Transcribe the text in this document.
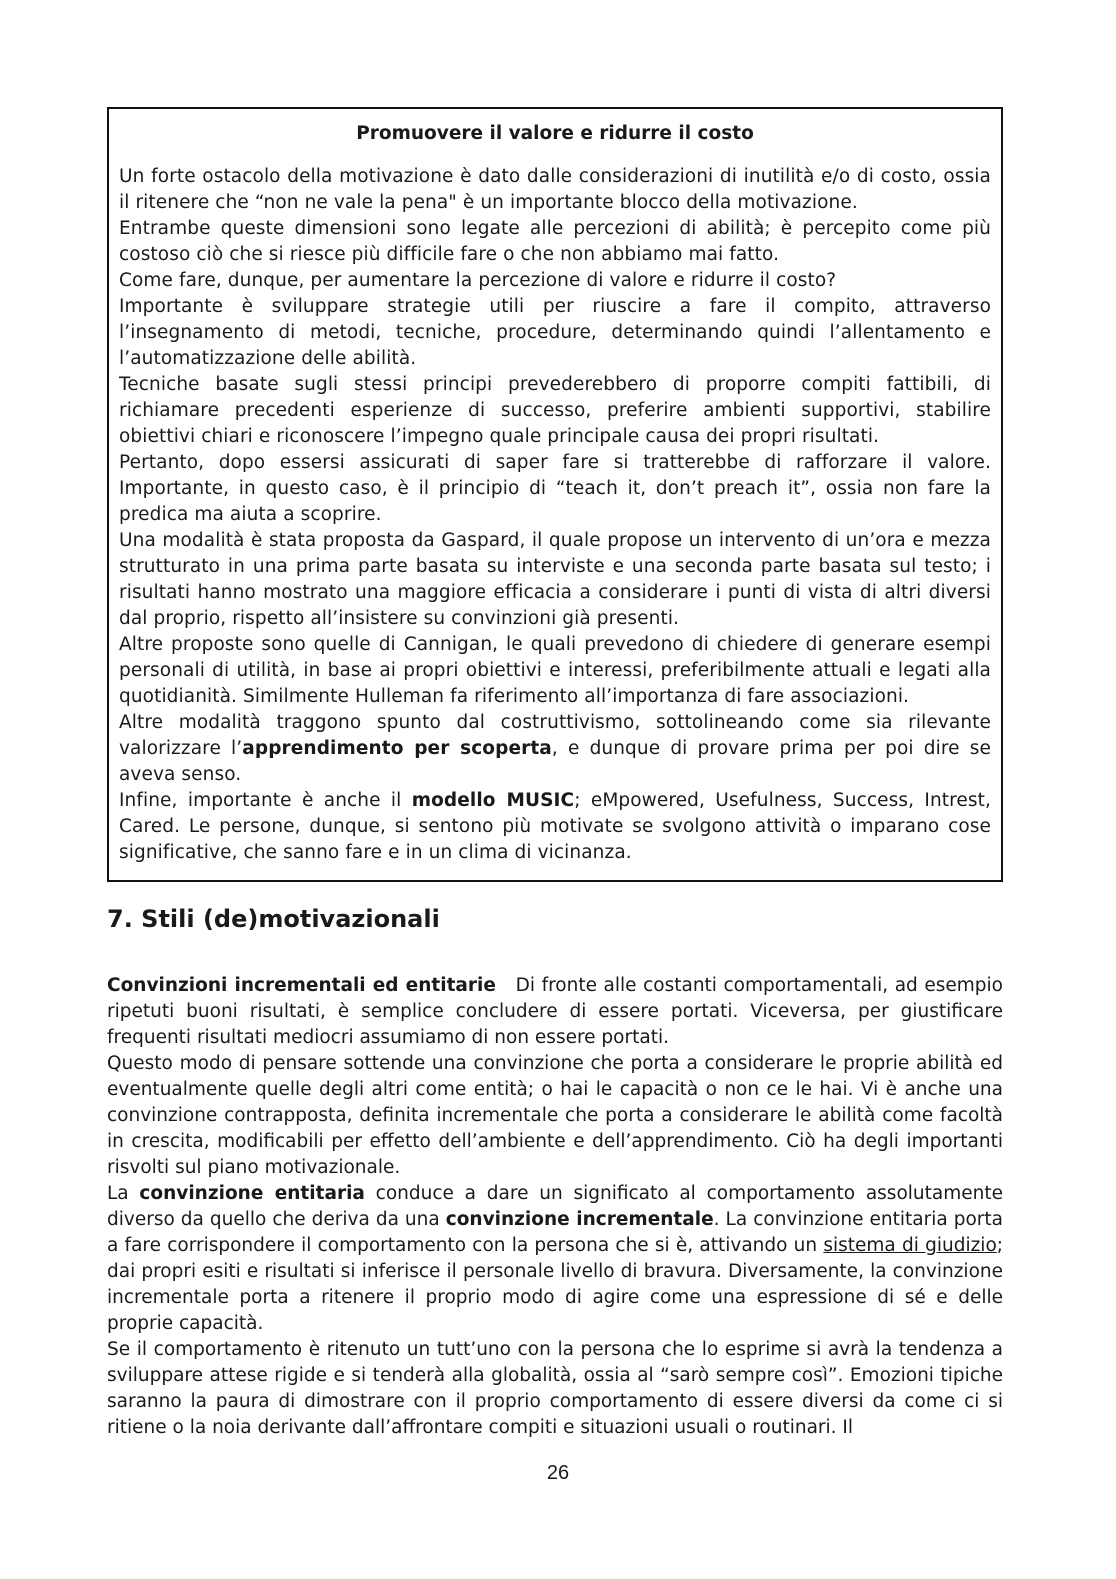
Promuovere il valore e ridurre il costo

Un forte ostacolo della motivazione è dato dalle considerazioni di inutilità e/o di costo, ossia il ritenere che “non ne vale la pena" è un importante blocco della motivazione.

Entrambe queste dimensioni sono legate alle percezioni di abilità; è percepito come più costoso ciò che si riesce più difficile fare o che non abbiamo mai fatto.

Come fare, dunque, per aumentare la percezione di valore e ridurre il costo?

Importante è sviluppare strategie utili per riuscire a fare il compito, attraverso l’insegnamento di metodi, tecniche, procedure, determinando quindi l’allentamento e l’automatizzazione delle abilità.

Tecniche basate sugli stessi principi prevederebbero di proporre compiti fattibili, di richiamare precedenti esperienze di successo, preferire ambienti supportivi, stabilire obiettivi chiari e riconoscere l’impegno quale principale causa dei propri risultati.

Pertanto, dopo essersi assicurati di saper fare si tratterebbe di rafforzare il valore. Importante, in questo caso, è il principio di “teach it, don’t preach it”, ossia non fare la predica ma aiuta a scoprire.

Una modalità è stata proposta da Gaspard, il quale propose un intervento di un’ora e mezza strutturato in una prima parte basata su interviste e una seconda parte basata sul testo; i risultati hanno mostrato una maggiore efficacia a considerare i punti di vista di altri diversi dal proprio, rispetto all’insistere su convinzioni già presenti.

Altre proposte sono quelle di Cannigan, le quali prevedono di chiedere di generare esempi personali di utilità, in base ai propri obiettivi e interessi, preferibilmente attuali e legati alla quotidianità. Similmente Hulleman fa riferimento all’importanza di fare associazioni.

Altre modalità traggono spunto dal costruttivismo, sottolineando come sia rilevante valorizzare l’apprendimento per scoperta, e dunque di provare prima per poi dire se aveva senso.

Infine, importante è anche il modello MUSIC; eMpowered, Usefulness, Success, Intrest, Cared. Le persone, dunque, si sentono più motivate se svolgono attività o imparano cose significative, che sanno fare e in un clima di vicinanza.

7. Stili (de)motivazionali

Convinzioni incrementali ed entitarie Di fronte alle costanti comportamentali, ad esempio ripetuti buoni risultati, è semplice concludere di essere portati. Viceversa, per giustificare frequenti risultati mediocri assumiamo di non essere portati.

Questo modo di pensare sottende una convinzione che porta a considerare le proprie abilità ed eventualmente quelle degli altri come entità; o hai le capacità o non ce le hai. Vi è anche una convinzione contrapposta, definita incrementale che porta a considerare le abilità come facoltà in crescita, modificabili per effetto dell’ambiente e dell’apprendimento. Ciò ha degli importanti risvolti sul piano motivazionale.

La convinzione entitaria conduce a dare un significato al comportamento assolutamente diverso da quello che deriva da una convinzione incrementale. La convinzione entitaria porta a fare corrispondere il comportamento con la persona che si è, attivando un sistema di giudizio; dai propri esiti e risultati si inferisce il personale livello di bravura. Diversamente, la convinzione incrementale porta a ritenere il proprio modo di agire come una espressione di sé e delle proprie capacità.

Se il comportamento è ritenuto un tutt’uno con la persona che lo esprime si avrà la tendenza a sviluppare attese rigide e si tenderà alla globalità, ossia al “sarò sempre così”. Emozioni tipiche saranno la paura di dimostrare con il proprio comportamento di essere diversi da come ci si ritiene o la noia derivante dall’affrontare compiti e situazioni usuali o routinari. Il

26
